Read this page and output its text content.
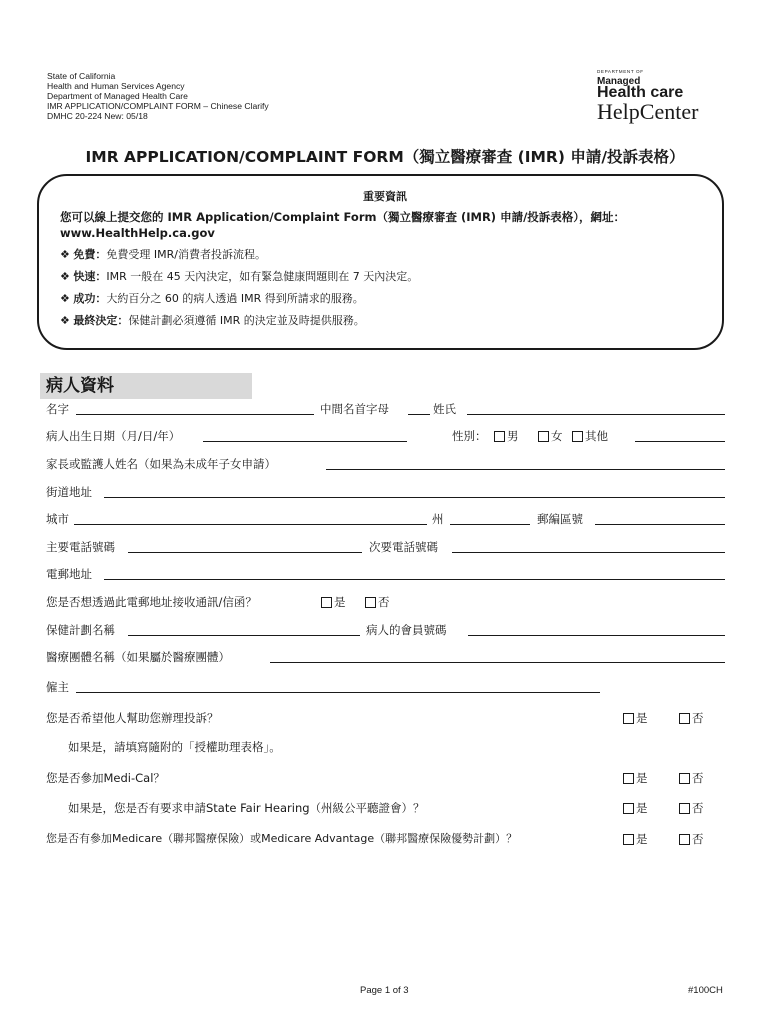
State of California
Health and Human Services Agency
Department of Managed Health Care
IMR APPLICATION/COMPLAINT FORM – Chinese Clarify
DMHC 20-224 New: 05/18
DEPARTMENT OF
Managed
Health care
HelpCenter
IMR APPLICATION/COMPLAINT FORM（獨立醫療審查 (IMR) 申請/投訴表格）
重要資訊
您可以線上提交您的 IMR Application/Complaint Form（獨立醫療審查 (IMR) 申請/投訴表格），網址：
www.HealthHelp.ca.gov
❖ 免費：免費受理 IMR/消費者投訴流程。
❖ 快速：IMR 一般在 45 天內決定，如有緊急健康問題則在 7 天內決定。
❖ 成功：大約百分之 60 的病人透過 IMR 得到所請求的服務。
❖ 最終決定：保健計劃必須遵循 IMR 的決定並及時提供服務。
病人資料
名字	中間名首字母	姓氏
病人出生日期（月/日/年）	性別：	男	女	其他
家長或監護人姓名（如果為未成年子女申請）
街道地址
城市	州	郵編區號
主要電話號碼	次要電話號碼
電郵地址
您是否想透過此電郵地址接收通訊/信函？	是	否
保健計劃名稱	病人的會員號碼
醫療團體名稱（如果屬於醫療團體）
僱主
您是否希望他人幫助您辦理投訴？	是	否
如果是，請填寫隨附的「授權助理表格」。
您是否參加Medi-Cal？	是	否
如果是，您是否有要求申請State Fair Hearing（州級公平聽證會）？	是	否
您是否有參加Medicare（聯邦醫療保險）或Medicare Advantage（聯邦醫療保險優勢計劃）？	是	否
Page 1 of 3	#100CH
